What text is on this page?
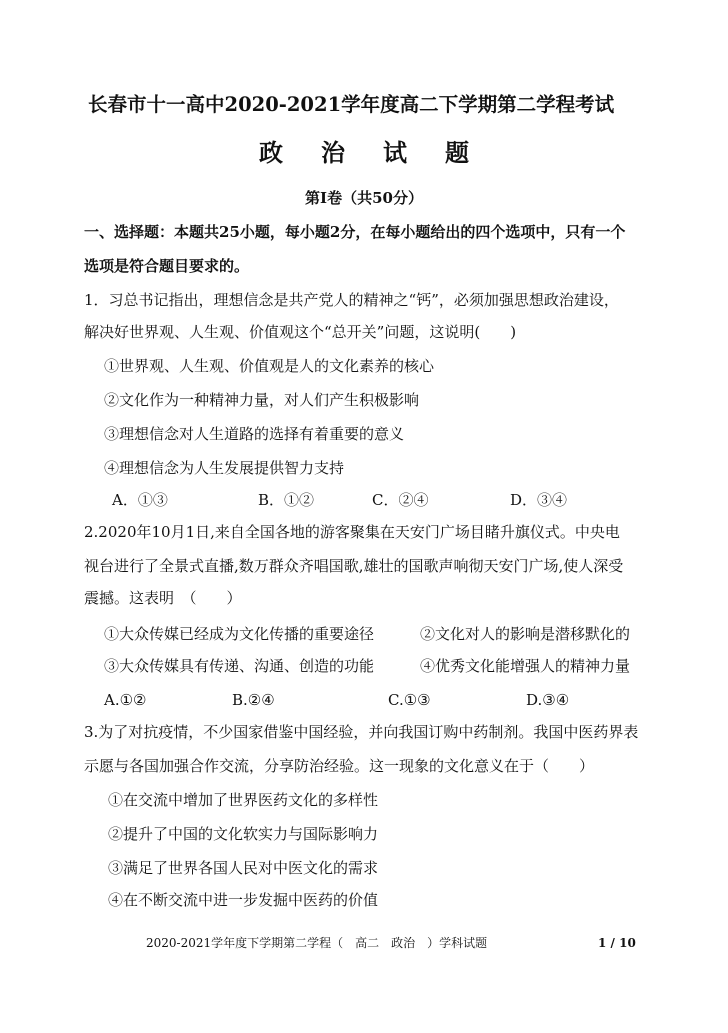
长春市十一高中2020-2021学年度高二下学期第二学程考试
政 治 试 题
第Ⅰ卷（共50分）
一、选择题：本题共25小题，每小题2分，在每小题给出的四个选项中，只有一个
选项是符合题目要求的。
1．习总书记指出，理想信念是共产党人的精神之“钙”，必须加强思想政治建设，
解决好世界观、人生观、价值观这个“总开关”问题，这说明(　　)
①世界观、人生观、价值观是人的文化素养的核心
②文化作为一种精神力量，对人们产生积极影响
③理想信念对人生道路的选择有着重要的意义
④理想信念为人生发展提供智力支持
A．①③	B．①②	C．②④	D．③④
2.2020年10月1日,来自全国各地的游客聚集在天安门广场目睹升旗仪式。中央电
视台进行了全景式直播,数万群众齐唱国歌,雄壮的国歌声响彻天安门广场,使人深受
震撼。这表明　（　　）
①大众传媒已经成为文化传播的重要途径	②文化对人的影响是潜移默化的
③大众传媒具有传递、沟通、创造的功能	④优秀文化能增强人的精神力量
A.①②	B.②④	C.①③	D.③④
3.为了对抗疫情，不少国家借鉴中国经验，并向我国订购中药制剂。我国中医药界表
示愿与各国加强合作交流，分享防治经验。这一现象的文化意义在于（　　）
①在交流中增加了世界医药文化的多样性
②提升了中国的文化软实力与国际影响力
③满足了世界各国人民对中医文化的需求
④在不断交流中进一步发掘中医药的价值
2020-2021学年度下学期第二学程（　高二　政治　）学科试题	1 / 10
